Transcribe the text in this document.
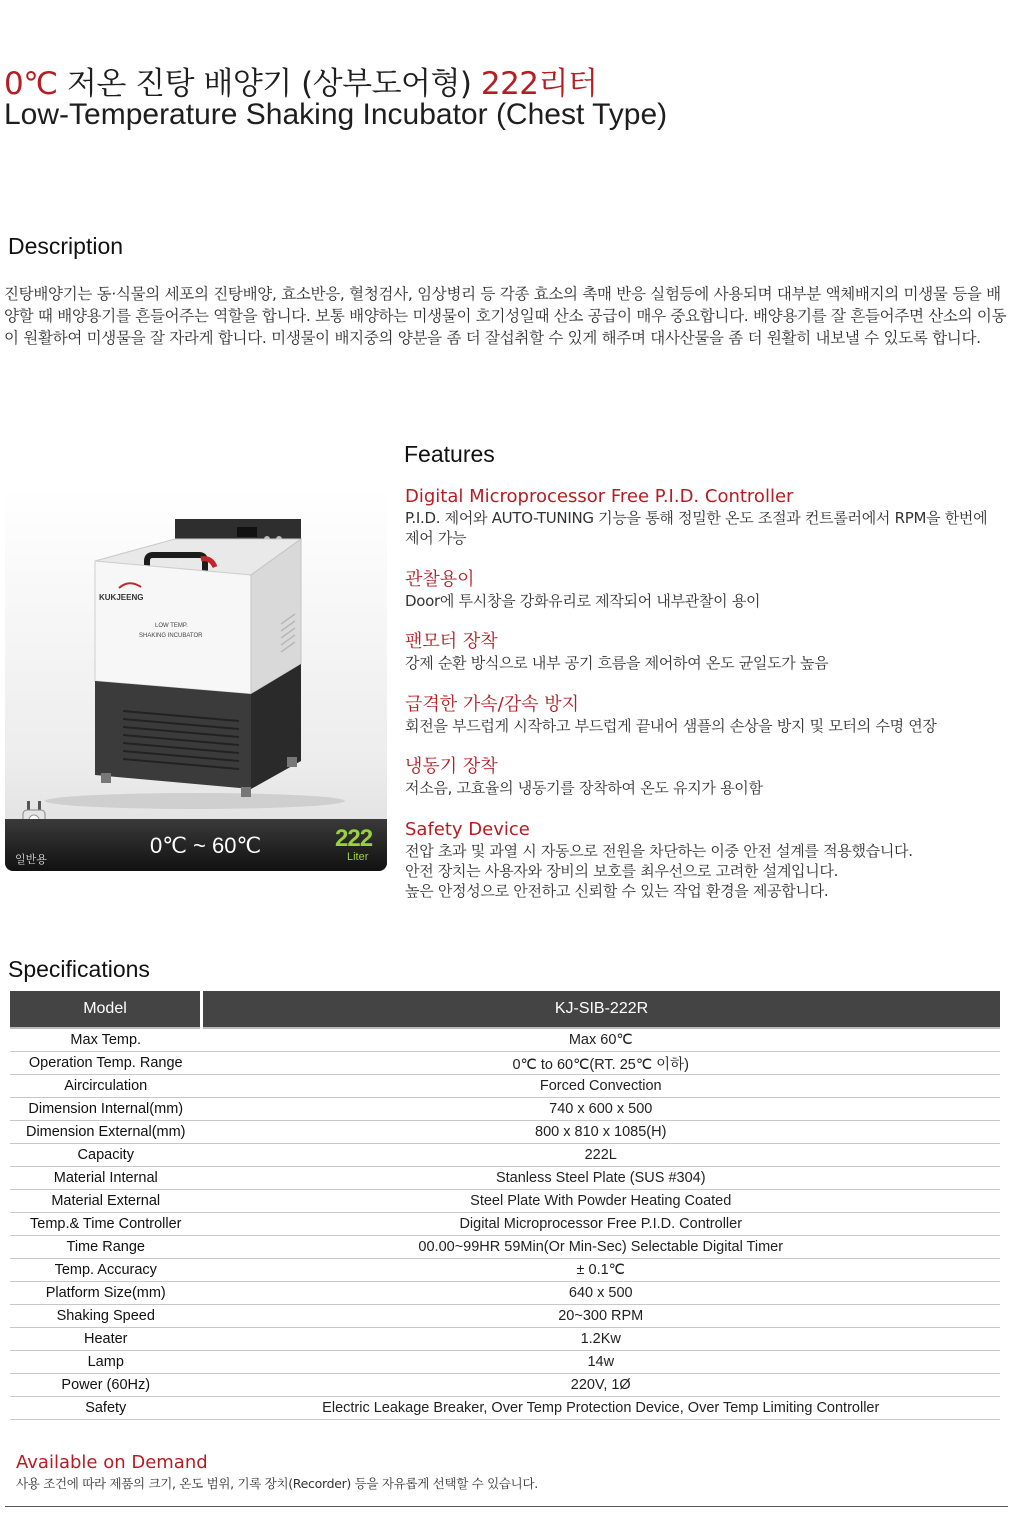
0℃ 저온 진탕 배양기 (상부도어형) 222리터
Low-Temperature Shaking Incubator (Chest Type)
Description

진탕배양기는 동·식물의 세포의 진탕배양, 효소반응, 혈청검사, 임상병리 등 각종 효소의 촉매 반응 실험등에 사용되며 대부분 액체배지의 미생물 등을 배양할 때 배양용기를 흔들어주는 역할을 합니다. 보통 배양하는 미생물이 호기성일때 산소 공급이 매우 중요합니다. 배양용기를 잘 흔들어주면 산소의 이동이 원활하여 미생물을 잘 자라게 합니다. 미생물이 배지중의 양분을 좀 더 잘섭취할 수 있게 해주며 대사산물을 좀 더 원활히 내보낼 수 있도록 합니다.

KUKJEENG
LOW TEMP.
SHAKING INCUBATOR
일반용
0℃ ~ 60℃	222
Liter
Features
Digital Microprocessor Free P.I.D. Controller

P.I.D. 제어와 AUTO-TUNING 기능을 통해 정밀한 온도 조절과 컨트롤러에서 RPM을 한번에 제어 가능

관찰용이

Door에 투시창을 강화유리로 제작되어 내부관찰이 용이

팬모터 장착

강제 순환 방식으로 내부 공기 흐름을 제어하여 온도 균일도가 높음

급격한 가속/감속 방지

회전을 부드럽게 시작하고 부드럽게 끝내어 샘플의 손상을 방지 및 모터의 수명 연장

냉동기 장착

저소음, 고효율의 냉동기를 장착하여 온도 유지가 용이함

Safety Device

전압 초과 및 과열 시 자동으로 전원을 차단하는 이중 안전 설계를 적용했습니다.
안전 장치는 사용자와 장비의 보호를 최우선으로 고려한 설계입니다.
높은 안정성으로 안전하고 신뢰할 수 있는 작업 환경을 제공합니다.

Specifications
Model	KJ-SIB-222R
Max Temp.	Max 60℃
Operation Temp. Range	0℃ to 60℃(RT. 25℃ 이하)
Aircirculation	Forced Convection
Dimension Internal(mm)	740 x 600 x 500
Dimension External(mm)	800 x 810 x 1085(H)
Capacity	222L
Material Internal	Stanless Steel Plate (SUS #304)
Material External	Steel Plate With Powder Heating Coated
Temp.& Time Controller	Digital Microprocessor Free P.I.D. Controller
Time Range	00.00~99HR 59Min(Or Min-Sec) Selectable Digital Timer
Temp. Accuracy	± 0.1℃
Platform Size(mm)	640 x 500
Shaking Speed	20~300 RPM
Heater	1.2Kw
Lamp	14w
Power (60Hz)	220V, 1Ø
Safety	Electric Leakage Breaker, Over Temp Protection Device, Over Temp Limiting Controller
Available on Demand

사용 조건에 따라 제품의 크기, 온도 범위, 기록 장치(Recorder) 등을 자유롭게 선택할 수 있습니다.
